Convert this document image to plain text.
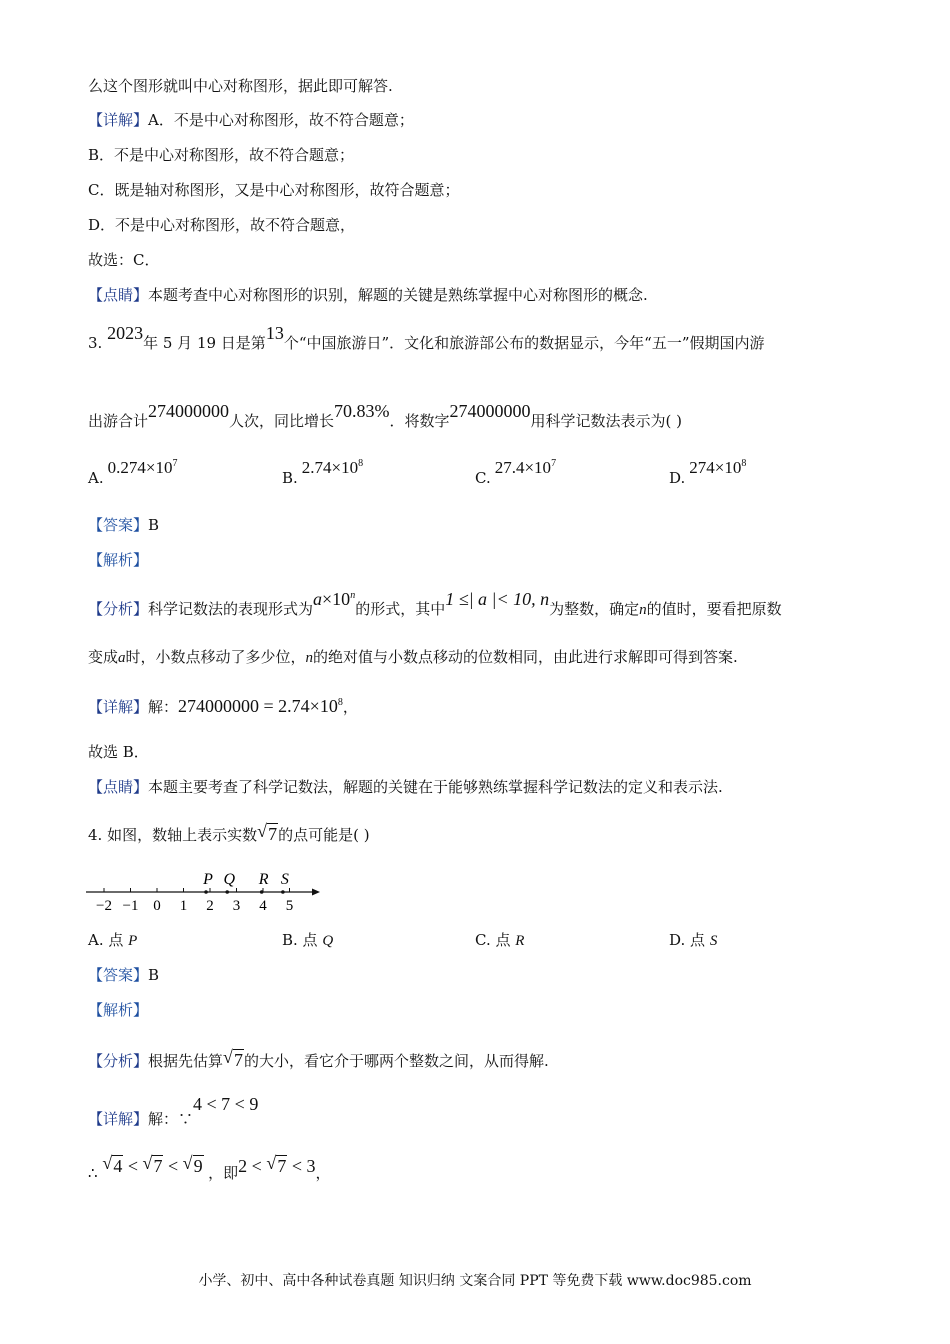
么这个图形就叫中心对称图形，据此即可解答.
【详解】A．不是中心对称图形，故不符合题意；
B．不是中心对称图形，故不符合题意；
C．既是轴对称图形，又是中心对称图形，故符合题意；
D．不是中心对称图形，故不符合题意，
故选：C．
【点睛】本题考查中心对称图形的识别，解题的关键是熟练掌握中心对称图形的概念.
3. 2023年 5 月 19 日是第13个“中国旅游日”．文化和旅游部公布的数据显示，今年“五一”假期国内游
出游合计274000000人次，同比增长70.83%．将数字274000000用科学记数法表示为( )
$A.0.274\times 10^7$
$B.2.74\times 10^8$
$C.27.4\times 10^7$
$D.274\times 10^8$
【答案】B
【解析】
【分析】科学记数法的表现形式为$a\times 10^n$的形式，其中1 ≤| a |< 10, n为整数，确定n的值时，要看把原数
变成a时，小数点移动了多少位，n的绝对值与小数点移动的位数相同，由此进行求解即可得到答案.
【详解】解：$274000000 = 2.74\times 10^8$，
故选 B．
【点睛】本题主要考查了科学记数法，解题的关键在于能够熟练掌握科学记数法的定义和表示法.
4. 如图，数轴上表示实数 √ 7的点可能是( )
−2 −1 0 1 2 3 4 5
P Q R S
A. 点 P	B. 点 Q	C. 点 R	D. 点 S
【答案】B
【解析】
【分析】根据先估算 √ 7的大小，看它介于哪两个整数之间，从而得解.
【详解】解：∵4 < 7 < 9
∴ √ 4 < √ 7 < √ 9 ，即2 < √ 7 < 3，
小学、初中、高中各种试卷真题 知识归纳 文案合同 PPT 等免费下载 www.doc985.com
